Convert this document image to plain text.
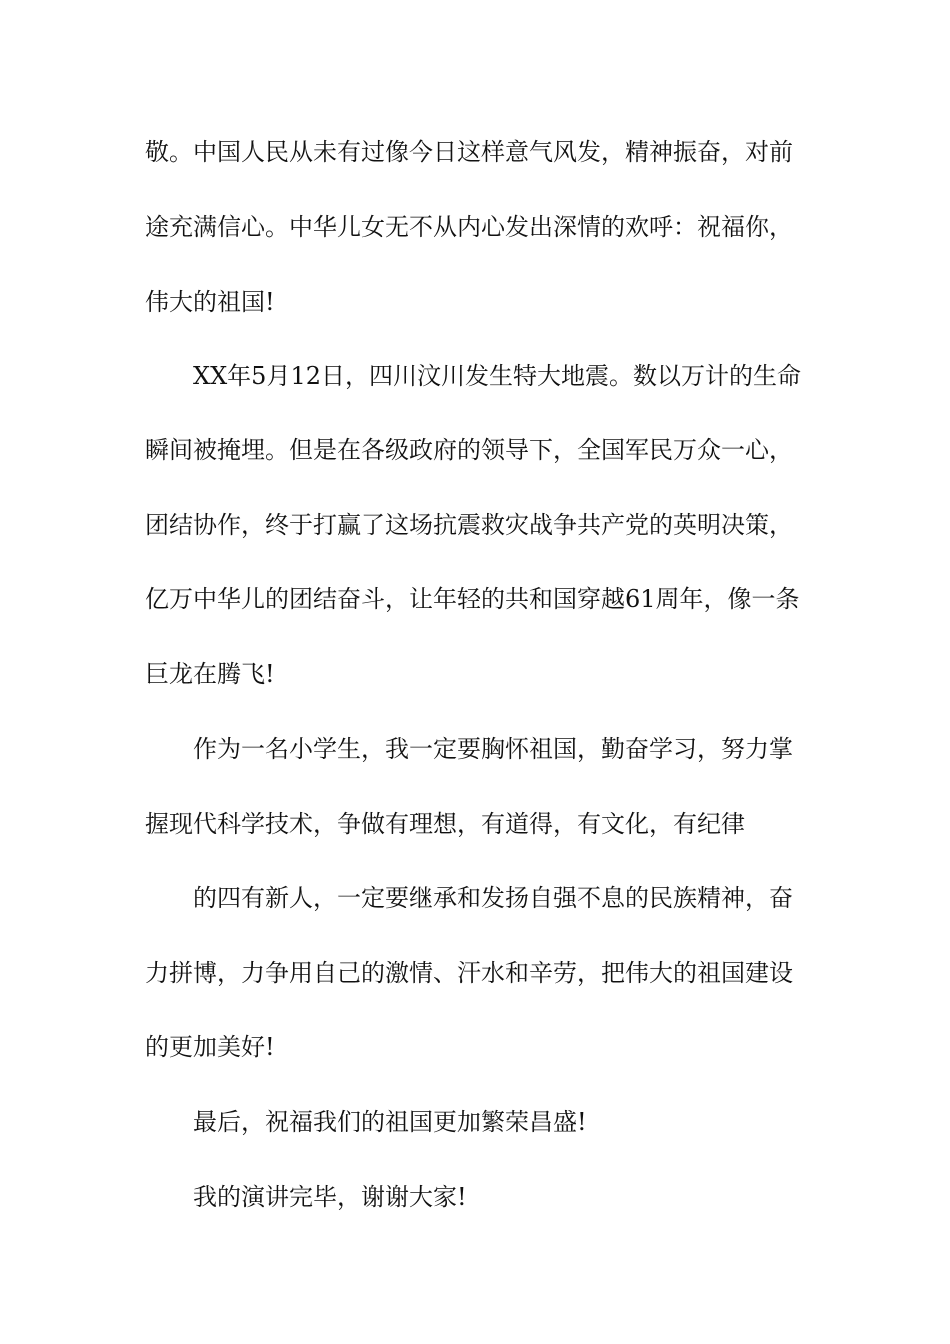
敬。中国人民从未有过像今日这样意气风发，精神振奋，对前
途充满信心。中华儿女无不从内心发出深情的欢呼：祝福你，
伟大的祖国!
XX年5月12日，四川汶川发生特大地震。数以万计的生命
瞬间被掩埋。但是在各级政府的领导下，全国军民万众一心，
团结协作，终于打赢了这场抗震救灾战争共产党的英明决策，
亿万中华儿的团结奋斗，让年轻的共和国穿越61周年，像一条
巨龙在腾飞!
作为一名小学生，我一定要胸怀祖国，勤奋学习，努力掌
握现代科学技术，争做有理想，有道得，有文化，有纪律
的四有新人，一定要继承和发扬自强不息的民族精神，奋
力拼博，力争用自己的激情、汗水和辛劳，把伟大的祖国建设
的更加美好!
最后，祝福我们的祖国更加繁荣昌盛!
我的演讲完毕，谢谢大家!
